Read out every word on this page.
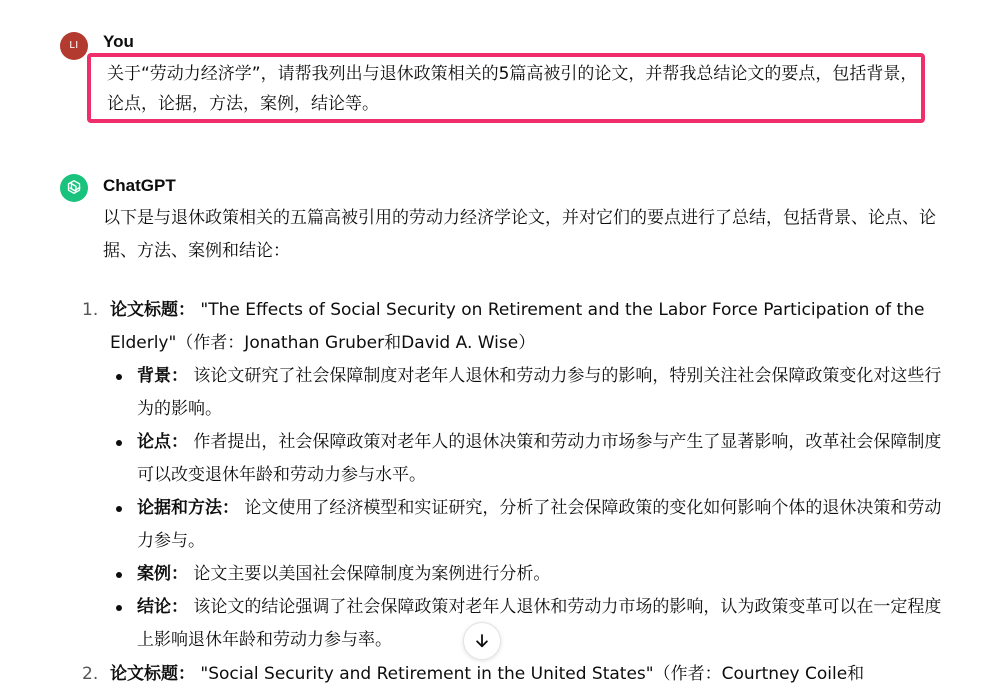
LI	You
关于“劳动力经济学”，请帮我列出与退休政策相关的5篇高被引的论文，并帮我总结论文的要点，包括背景，论点，论据，方法，案例，结论等。
ChatGPT
以下是与退休政策相关的五篇高被引用的劳动力经济学论文，并对它们的要点进行了总结，包括背景、论点、论据、方法、案例和结论：
1. 论文标题： "The Effects of Social Security on Retirement and the Labor Force Participation of the Elderly"（作者：Jonathan Gruber和David A. Wise）
背景： 该论文研究了社会保障制度对老年人退休和劳动力参与的影响，特别关注社会保障政策变化对这些行为的影响。
论点： 作者提出，社会保障政策对老年人的退休决策和劳动力市场参与产生了显著影响，改革社会保障制度可以改变退休年龄和劳动力参与水平。
论据和方法： 论文使用了经济模型和实证研究，分析了社会保障政策的变化如何影响个体的退休决策和劳动力参与。
案例： 论文主要以美国社会保障制度为案例进行分析。
结论： 该论文的结论强调了社会保障政策对老年人退休和劳动力市场的影响，认为政策变革可以在一定程度上影响退休年龄和劳动力参与率。
2. 论文标题： "Social Security and Retirement in the United States"（作者：Courtney Coile和
